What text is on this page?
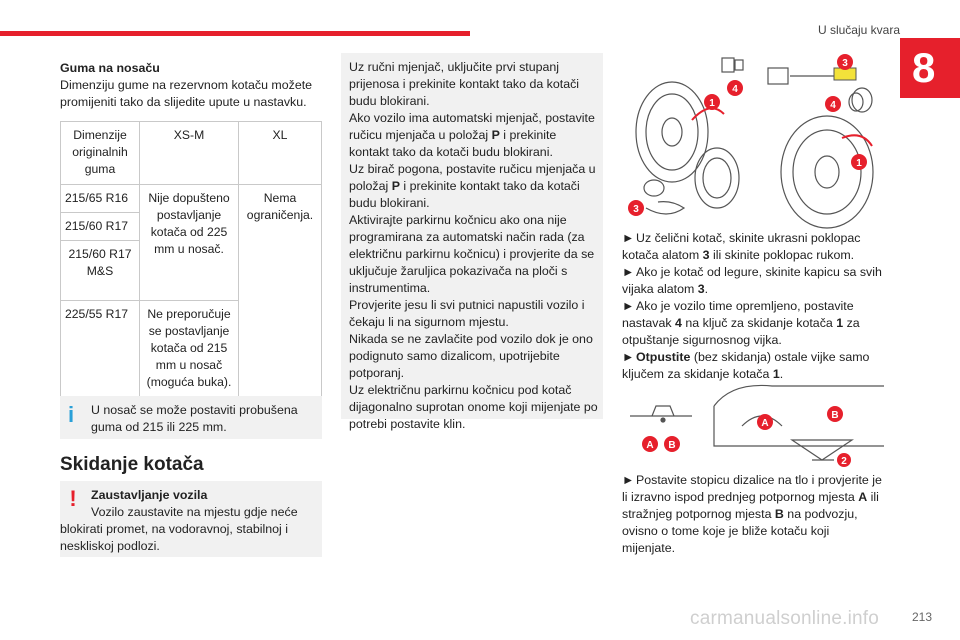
U slučaju kvara
8
Guma na nosaču
Dimenziju gume na rezervnom kotaču možete promijeniti tako da slijedite upute u nastavku.
Dimenzije originalnih guma	XS-M	XL
215/65 R16	Nije dopušteno postavljanje kotača od 225 mm u nosač.	Nema ograničenja.
215/60 R17		
215/60 R17 M&S		
225/55 R17	Ne preporučuje se postavljanje kotača od 215 mm u nosač (moguća buka).	
i	U nosač se može postaviti probušena guma od 215 ili 225 mm.
Skidanje kotača
!	Zaustavljanje vozila
Vozilo zaustavite na mjestu gdje neće blokirati promet, na vodoravnoj, stabilnoj i neskliskoj podlozi.
Uz ručni mjenjač, uključite prvi stupanj prijenosa i prekinite kontakt tako da kotači budu blokirani.
Ako vozilo ima automatski mjenjač, postavite ručicu mjenjača u položaj P i prekinite kontakt tako da kotači budu blokirani.
Uz birač pogona, postavite ručicu mjenjača u položaj P i prekinite kontakt tako da kotači budu blokirani.
Aktivirajte parkirnu kočnicu ako ona nije programirana za automatski način rada (za električnu parkirnu kočnicu) i provjerite da se uključuje žaruljica pokazivača na ploči s instrumentima.
Provjerite jesu li svi putnici napustili vozilo i čekaju li na sigurnom mjestu.
Nikada se ne zavlačite pod vozilo dok je ono podignuto samo dizalicom, upotrijebite potporanj.
Uz električnu parkirnu kočnicu pod kotač dijagonalno suprotan onome koji mijenjate po potrebi postavite klin.
1
4
3
3
4
1
► Uz čelični kotač, skinite ukrasni poklopac kotača alatom 3 ili skinite poklopac rukom.
► Ako je kotač od legure, skinite kapicu sa svih vijaka alatom 3.
► Ako je vozilo time opremljeno, postavite nastavak 4 na ključ za skidanje kotača 1 za otpuštanje sigurnosnog vijka.
► Otpustite (bez skidanja) ostale vijke samo ključem za skidanje kotača 1.
A B
A
B
2
► Postavite stopicu dizalice na tlo i provjerite je li izravno ispod prednjeg potpornog mjesta A ili stražnjeg potpornog mjesta B na podvozju, ovisno o tome koje je bliže kotaču koji mijenjate.
carmanualsonline.info	213
